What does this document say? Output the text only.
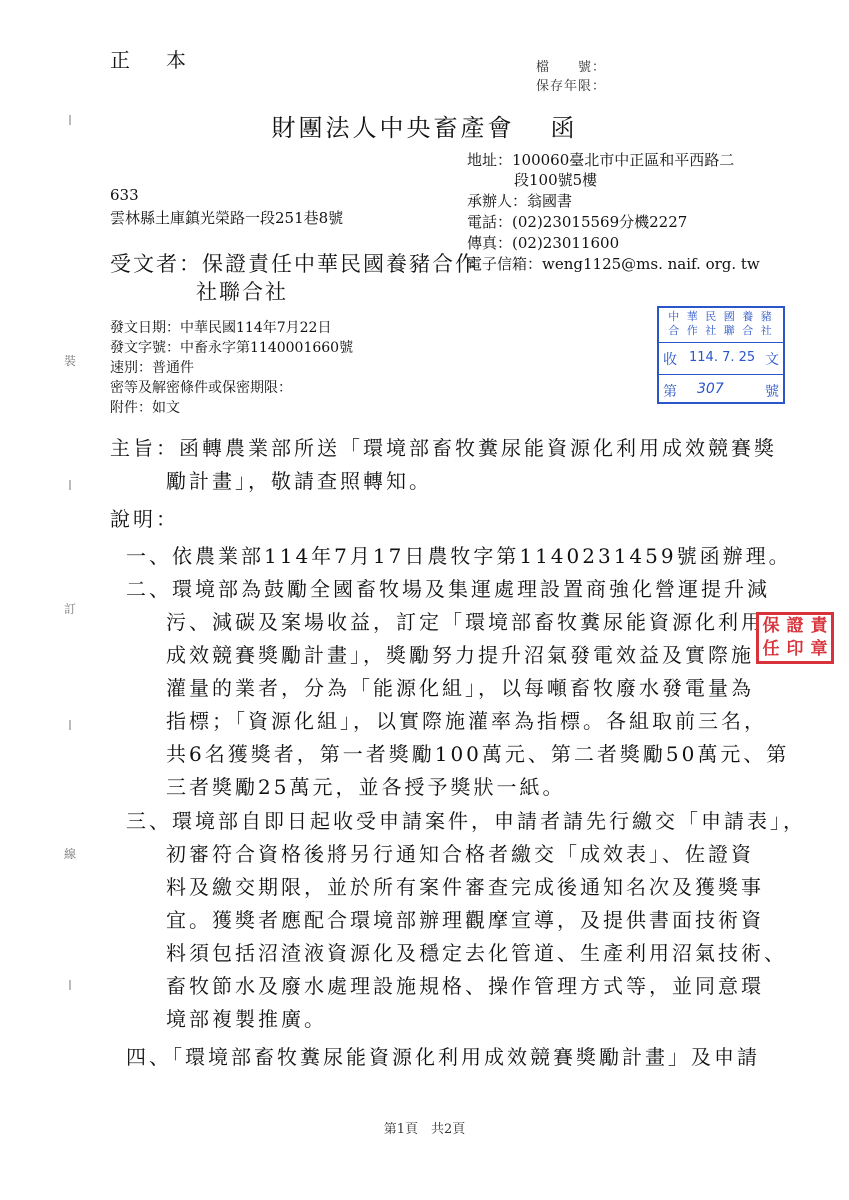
正　本	檔　　號：
保存年限：
財團法人中央畜產會 函
地址：100060臺北市中正區和平西路二
段100號5樓
承辦人：翁國書
電話：(02)23015569分機2227
傳真：(02)23011600
電子信箱：weng1125@ms. naif. org. tw
633
雲林縣土庫鎮光榮路一段251巷8號
受文者：保證責任中華民國養豬合作
社聯合社
發文日期：中華民國114年7月22日
發文字號：中畜永字第1140001660號
速別：普通件
密等及解密條件或保密期限：
附件：如文
中 華 民 國 養 豬
合 作 社 聯 合 社
收 114. 7. 25 文
第 307	號
主旨：函轉農業部所送「環境部畜牧糞尿能資源化利用成效競賽獎
勵計畫」，敬請查照轉知。
說明：
一、依農業部114年7月17日農牧字第1140231459號函辦理。
二、環境部為鼓勵全國畜牧場及集運處理設置商強化營運提升減
污、減碳及案場收益，訂定「環境部畜牧糞尿能資源化利用
成效競賽獎勵計畫」，獎勵努力提升沼氣發電效益及實際施
灌量的業者，分為「能源化組」，以每噸畜牧廢水發電量為
指標；「資源化組」，以實際施灌率為指標。各組取前三名，
共6名獲獎者，第一者獎勵100萬元、第二者獎勵50萬元、第
三者獎勵25萬元，並各授予獎狀一紙。
三、環境部自即日起收受申請案件，申請者請先行繳交「申請表」，
初審符合資格後將另行通知合格者繳交「成效表」、佐證資
料及繳交期限，並於所有案件審查完成後通知名次及獲獎事
宜。獲獎者應配合環境部辦理觀摩宣導，及提供書面技術資
料須包括沼渣液資源化及穩定去化管道、生產利用沼氣技術、
畜牧節水及廢水處理設施規格、操作管理方式等，並同意環
境部複製推廣。
四、「環境部畜牧糞尿能資源化利用成效競賽獎勵計畫」及申請
保 證 責
任 印 章
裝
訂
線
第1頁　共2頁
